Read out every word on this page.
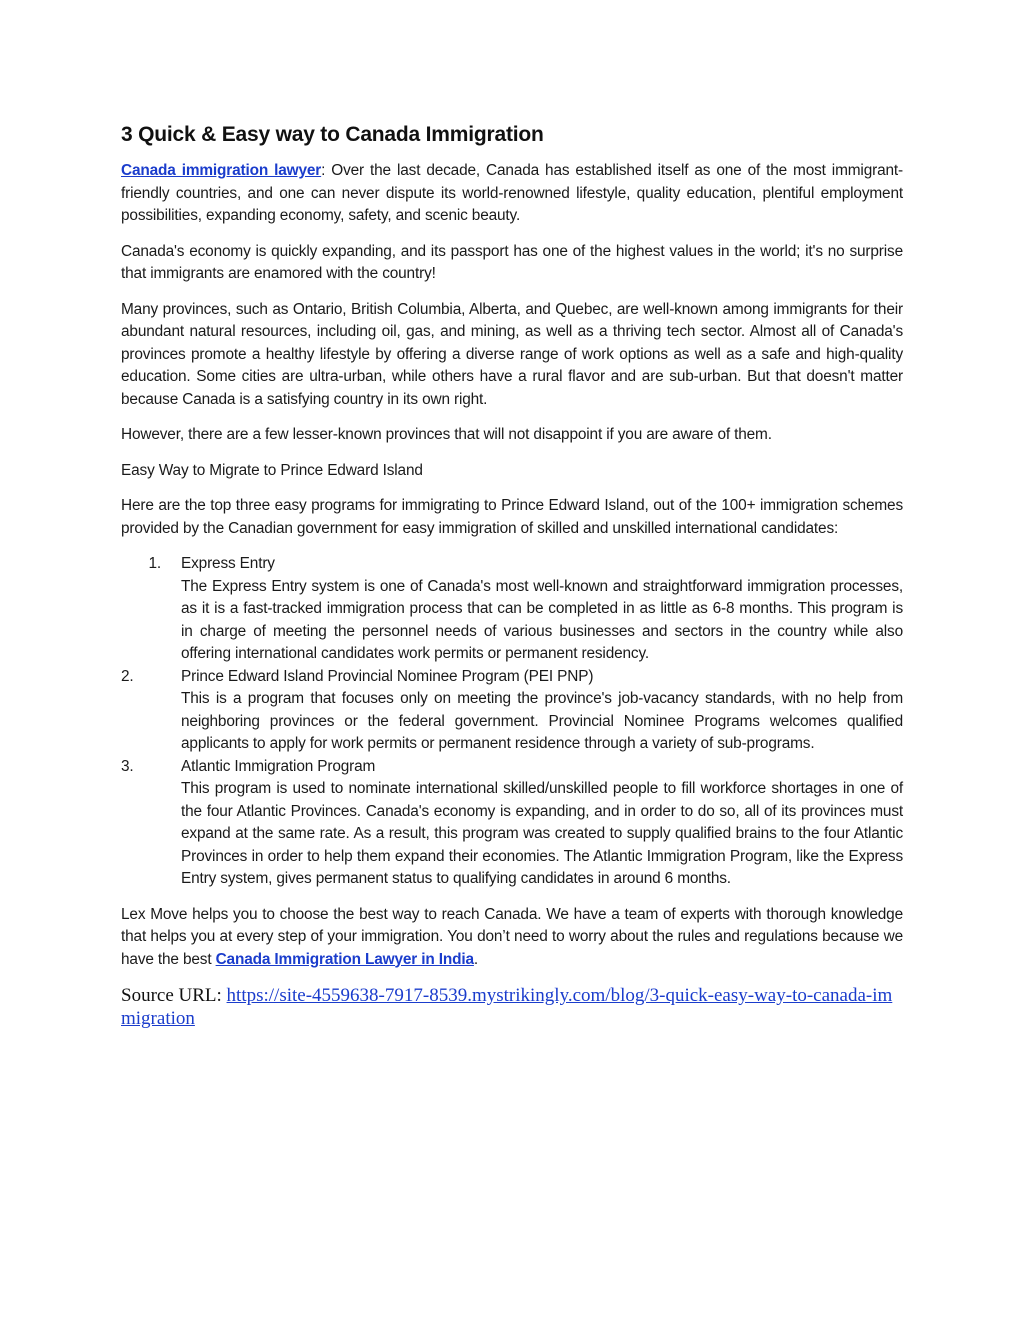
3 Quick & Easy way to Canada Immigration

Canada immigration lawyer: Over the last decade, Canada has established itself as one of the most immigrant-friendly countries, and one can never dispute its world-renowned lifestyle, quality education, plentiful employment possibilities, expanding economy, safety, and scenic beauty.

Canada's economy is quickly expanding, and its passport has one of the highest values in the world; it's no surprise that immigrants are enamored with the country!

Many provinces, such as Ontario, British Columbia, Alberta, and Quebec, are well-known among immigrants for their abundant natural resources, including oil, gas, and mining, as well as a thriving tech sector. Almost all of Canada's provinces promote a healthy lifestyle by offering a diverse range of work options as well as a safe and high-quality education. Some cities are ultra-urban, while others have a rural flavor and are sub-urban. But that doesn't matter because Canada is a satisfying country in its own right.

However, there are a few lesser-known provinces that will not disappoint if you are aware of them.

Easy Way to Migrate to Prince Edward Island

Here are the top three easy programs for immigrating to Prince Edward Island, out of the 100+ immigration schemes provided by the Canadian government for easy immigration of skilled and unskilled international candidates:

1.	Express Entry
The Express Entry system is one of Canada's most well-known and straightforward immigration processes, as it is a fast-tracked immigration process that can be completed in as little as 6-8 months. This program is in charge of meeting the personnel needs of various businesses and sectors in the country while also offering international candidates work permits or permanent residency.
2.	Prince Edward Island Provincial Nominee Program (PEI PNP)
This is a program that focuses only on meeting the province's job-vacancy standards, with no help from neighboring provinces or the federal government. Provincial Nominee Programs welcomes qualified applicants to apply for work permits or permanent residence through a variety of sub-programs.
3.	Atlantic Immigration Program
This program is used to nominate international skilled/unskilled people to fill workforce shortages in one of the four Atlantic Provinces. Canada's economy is expanding, and in order to do so, all of its provinces must expand at the same rate. As a result, this program was created to supply qualified brains to the four Atlantic Provinces in order to help them expand their economies. The Atlantic Immigration Program, like the Express Entry system, gives permanent status to qualifying candidates in around 6 months.

Lex Move helps you to choose the best way to reach Canada. We have a team of experts with thorough knowledge that helps you at every step of your immigration. You don’t need to worry about the rules and regulations because we have the best Canada Immigration Lawyer in India.

Source URL: https://site-4559638-7917-8539.mystrikingly.com/blog/3-quick-easy-way-to-canada-immigration
